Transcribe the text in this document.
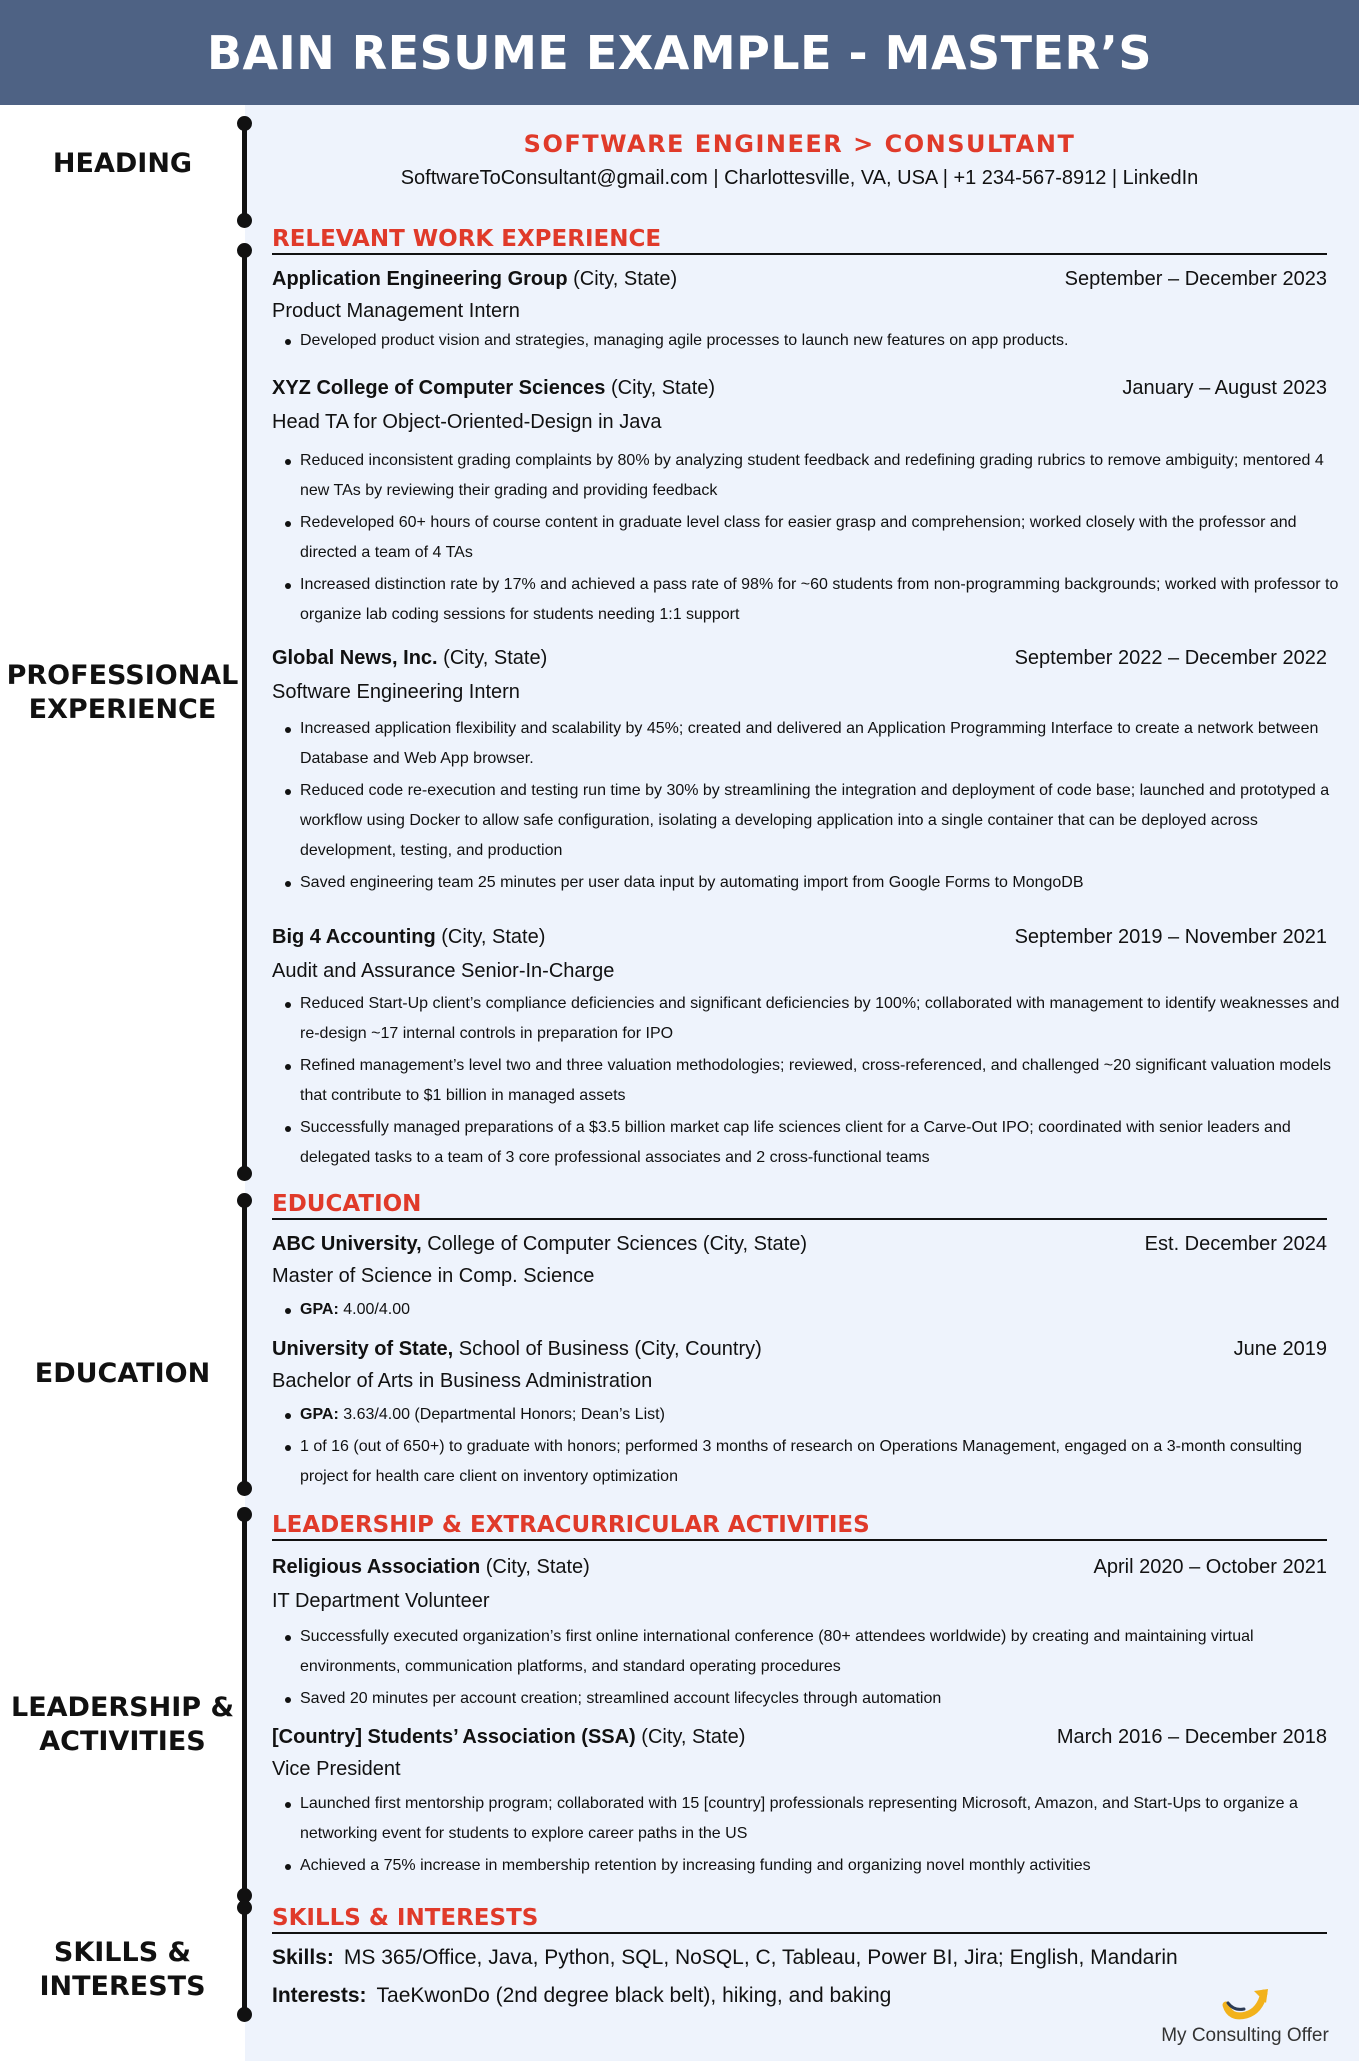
BAIN RESUME EXAMPLE - MASTER’S
HEADING
PROFESSIONAL
EXPERIENCE
EDUCATION
LEADERSHIP &
ACTIVITIES
SKILLS &
INTERESTS
SOFTWARE ENGINEER > CONSULTANT
SoftwareToConsultant@gmail.com | Charlottesville, VA, USA | +1 234-567-8912 | LinkedIn
RELEVANT WORK EXPERIENCE
Application Engineering Group (City, State)	September – December 2023
Product Management Intern
Developed product vision and strategies, managing agile processes to launch new features on app products.
XYZ College of Computer Sciences (City, State)	January – August 2023
Head TA for Object-Oriented-Design in Java
Reduced inconsistent grading complaints by 80% by analyzing student feedback and redefining grading rubrics to remove ambiguity; mentored 4 new TAs by reviewing their grading and providing feedback
Redeveloped 60+ hours of course content in graduate level class for easier grasp and comprehension; worked closely with the professor and directed a team of 4 TAs
Increased distinction rate by 17% and achieved a pass rate of 98% for ~60 students from non-programming backgrounds; worked with professor to organize lab coding sessions for students needing 1:1 support
Global News, Inc. (City, State)	September 2022 – December 2022
Software Engineering Intern
Increased application flexibility and scalability by 45%; created and delivered an Application Programming Interface to create a network between Database and Web App browser.
Reduced code re-execution and testing run time by 30% by streamlining the integration and deployment of code base; launched and prototyped a workflow using Docker to allow safe configuration, isolating a developing application into a single container that can be deployed across development, testing, and production
Saved engineering team 25 minutes per user data input by automating import from Google Forms to MongoDB
Big 4 Accounting (City, State)	September 2019 – November 2021
Audit and Assurance Senior-In-Charge
Reduced Start-Up client’s compliance deficiencies and significant deficiencies by 100%; collaborated with management to identify weaknesses and re-design ~17 internal controls in preparation for IPO
Refined management’s level two and three valuation methodologies; reviewed, cross-referenced, and challenged ~20 significant valuation models that contribute to $1 billion in managed assets
Successfully managed preparations of a $3.5 billion market cap life sciences client for a Carve-Out IPO; coordinated with senior leaders and delegated tasks to a team of 3 core professional associates and 2 cross-functional teams
EDUCATION
ABC University, College of Computer Sciences (City, State)	Est. December 2024
Master of Science in Comp. Science
GPA: 4.00/4.00
University of State, School of Business (City, Country)	June 2019
Bachelor of Arts in Business Administration
GPA: 3.63/4.00 (Departmental Honors; Dean’s List)
1 of 16 (out of 650+) to graduate with honors; performed 3 months of research on Operations Management, engaged on a 3-month consulting project for health care client on inventory optimization
LEADERSHIP & EXTRACURRICULAR ACTIVITIES
Religious Association (City, State)	April 2020 – October 2021
IT Department Volunteer
Successfully executed organization’s first online international conference (80+ attendees worldwide) by creating and maintaining virtual environments, communication platforms, and standard operating procedures
Saved 20 minutes per account creation; streamlined account lifecycles through automation
[Country] Students’ Association (SSA) (City, State)	March 2016 – December 2018
Vice President
Launched first mentorship program; collaborated with 15 [country] professionals representing Microsoft, Amazon, and Start-Ups to organize a networking event for students to explore career paths in the US
Achieved a 75% increase in membership retention by increasing funding and organizing novel monthly activities
SKILLS & INTERESTS
Skills: MS 365/Office, Java, Python, SQL, NoSQL, C, Tableau, Power BI, Jira; English, Mandarin
Interests: TaeKwonDo (2nd degree black belt), hiking, and baking
My Consulting Offer
